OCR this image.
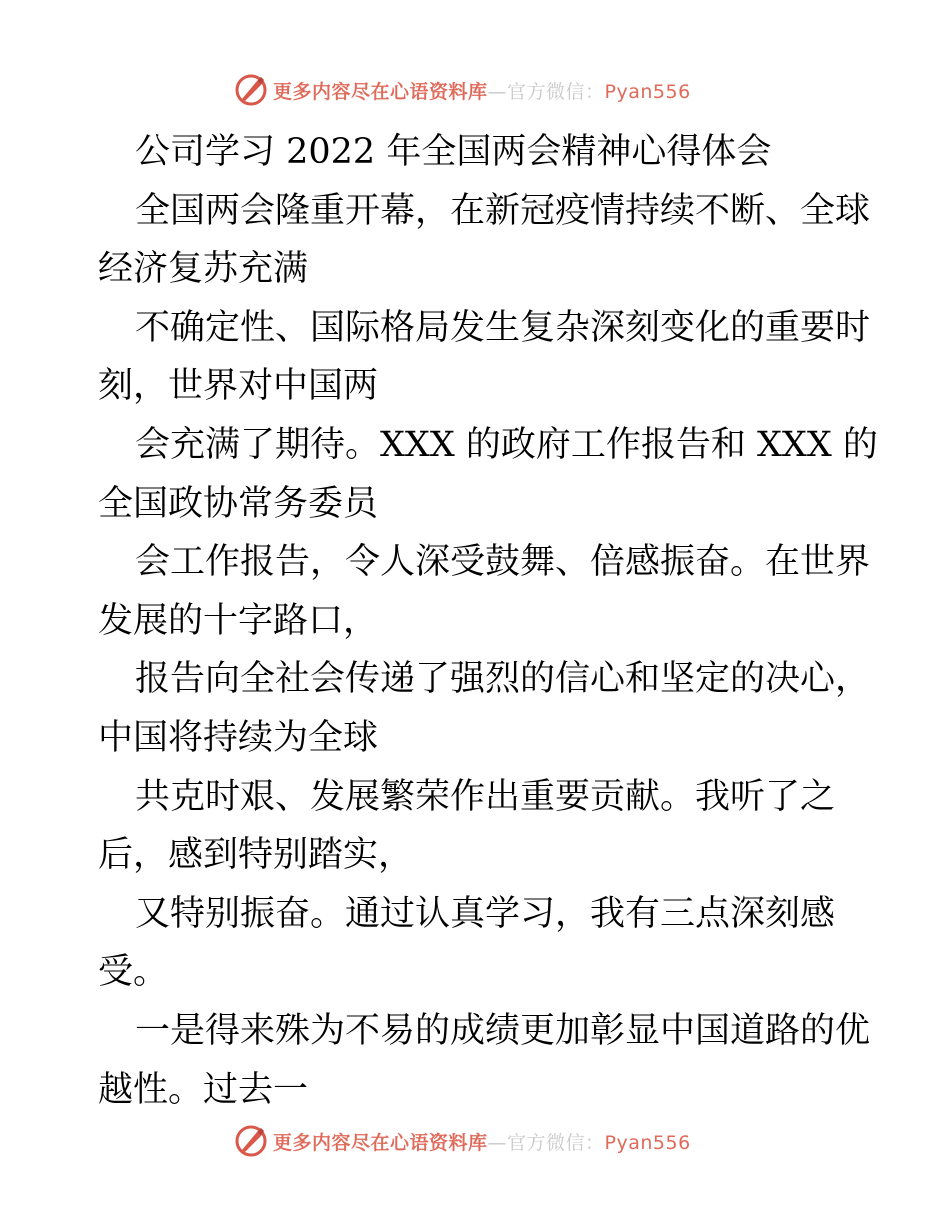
更多内容尽在心语资料库—官方微信：Pyan556
公司学习 2022 年全国两会精神心得体会
全国两会隆重开幕，在新冠疫情持续不断、全球
经济复苏充满
不确定性、国际格局发生复杂深刻变化的重要时
刻，世界对中国两
会充满了期待。XXX 的政府工作报告和 XXX 的
全国政协常务委员
会工作报告，令人深受鼓舞、倍感振奋。在世界
发展的十字路口，
报告向全社会传递了强烈的信心和坚定的决心，
中国将持续为全球
共克时艰、发展繁荣作出重要贡献。我听了之
后，感到特别踏实，
又特别振奋。通过认真学习，我有三点深刻感
受。
一是得来殊为不易的成绩更加彰显中国道路的优
越性。过去一
更多内容尽在心语资料库—官方微信：Pyan556
